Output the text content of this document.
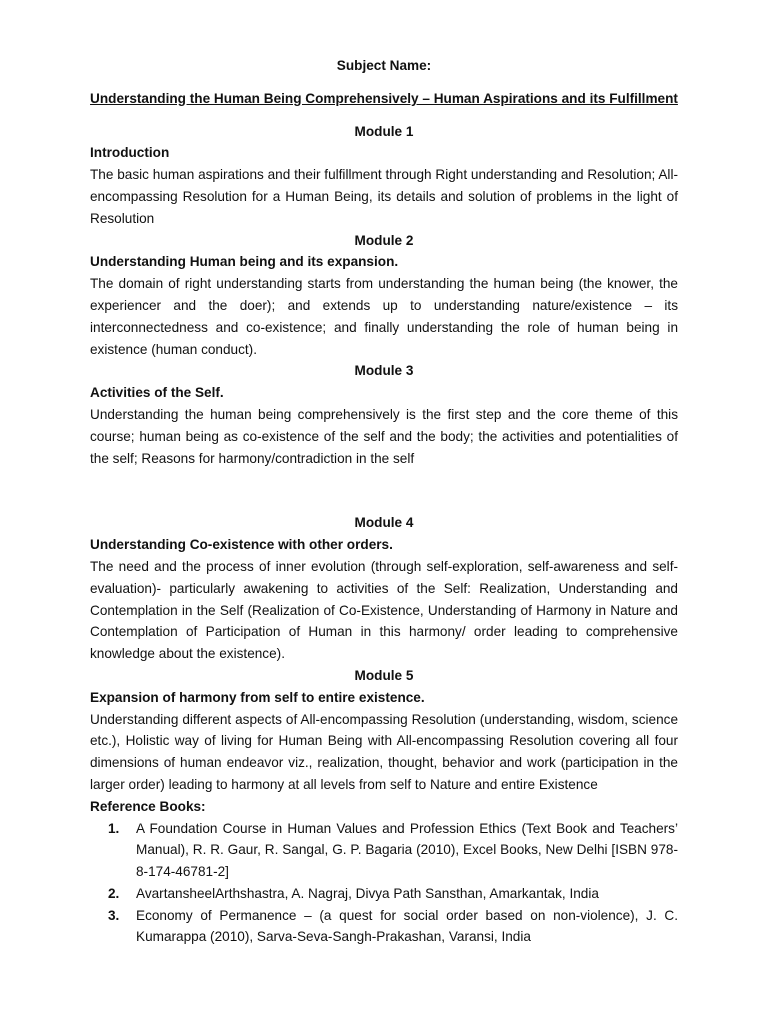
Subject Name:
Understanding the Human Being Comprehensively – Human Aspirations and its Fulfillment
Module 1
Introduction
The basic human aspirations and their fulfillment through Right understanding and Resolution; All-encompassing Resolution for a Human Being, its details and solution of problems in the light of Resolution
Module 2
Understanding Human being and its expansion.
The domain of right understanding starts from understanding the human being (the knower, the experiencer and the doer); and extends up to understanding nature/existence – its interconnectedness and co-existence; and finally understanding the role of human being in existence (human conduct).
Module 3
Activities of the Self.
Understanding the human being comprehensively is the first step and the core theme of this course; human being as co-existence of the self and the body; the activities and potentialities of the self; Reasons for harmony/contradiction in the self
Module 4
Understanding Co-existence with other orders.
The need and the process of inner evolution (through self-exploration, self-awareness and self-evaluation)- particularly awakening to activities of the Self: Realization, Understanding and Contemplation in the Self (Realization of Co-Existence, Understanding of Harmony in Nature and Contemplation of Participation of Human in this harmony/ order leading to comprehensive knowledge about the existence).
Module 5
Expansion of harmony from self to entire existence.
Understanding different aspects of All-encompassing Resolution (understanding, wisdom, science etc.), Holistic way of living for Human Being with All-encompassing Resolution covering all four dimensions of human endeavor viz., realization, thought, behavior and work (participation in the larger order) leading to harmony at all levels from self to Nature and entire Existence
Reference Books:
1. A Foundation Course in Human Values and Profession Ethics (Text Book and Teachers’ Manual), R. R. Gaur, R. Sangal, G. P. Bagaria (2010), Excel Books, New Delhi [ISBN 978-8-174-46781-2]
2. AvartansheelArthshastra, A. Nagraj, Divya Path Sansthan, Amarkantak, India
3. Economy of Permanence – (a quest for social order based on non-violence), J. C. Kumarappa (2010), Sarva-Seva-Sangh-Prakashan, Varansi, India
